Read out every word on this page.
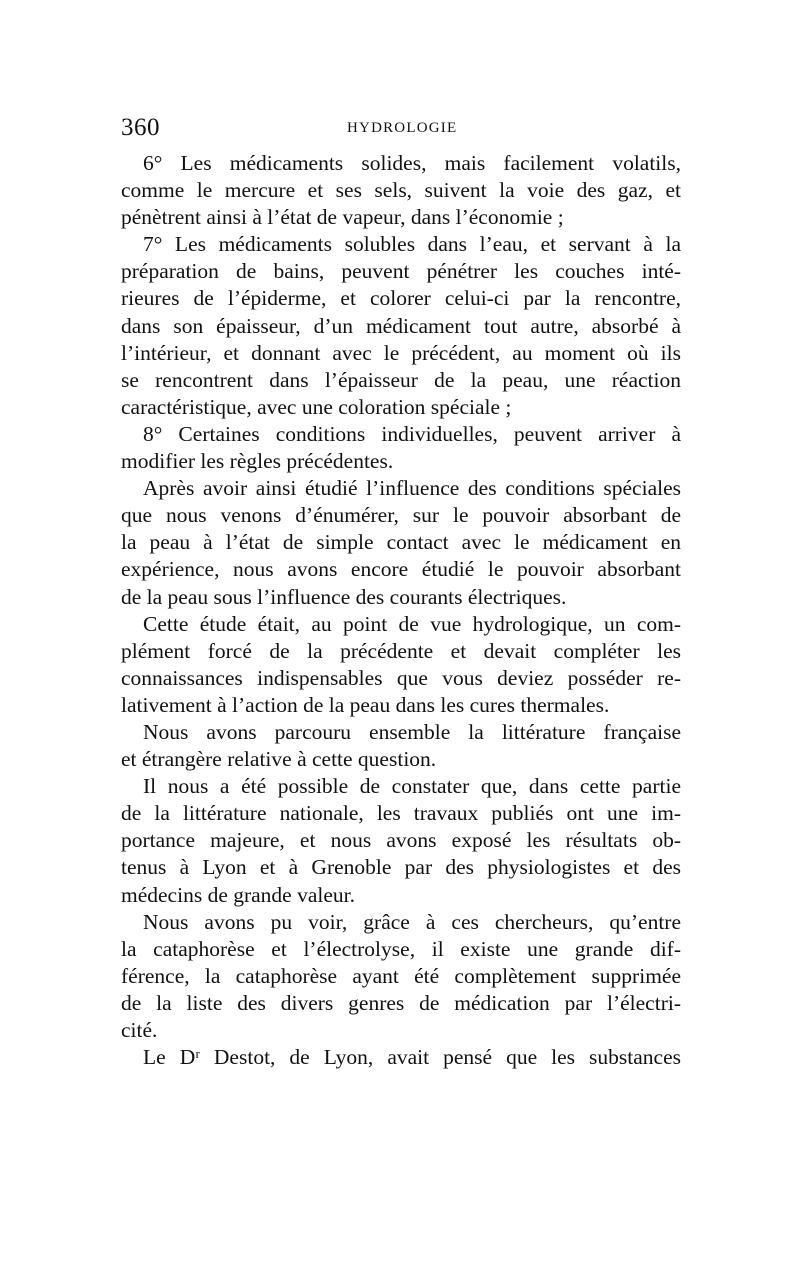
360	HYDROLOGIE
6° Les médicaments solides, mais facilement volatils,
comme le mercure et ses sels, suivent la voie des gaz, et
pénètrent ainsi à l’état de vapeur, dans l’économie ;
7° Les médicaments solubles dans l’eau, et servant à la
préparation de bains, peuvent pénétrer les couches inté-
rieures de l’épiderme, et colorer celui-ci par la rencontre,
dans son épaisseur, d’un médicament tout autre, absorbé à
l’intérieur, et donnant avec le précédent, au moment où ils
se rencontrent dans l’épaisseur de la peau, une réaction
caractéristique, avec une coloration spéciale ;
8° Certaines conditions individuelles, peuvent arriver à
modifier les règles précédentes.
Après avoir ainsi étudié l’influence des conditions spéciales
que nous venons d’énumérer, sur le pouvoir absorbant de
la peau à l’état de simple contact avec le médicament en
expérience, nous avons encore étudié le pouvoir absorbant
de la peau sous l’influence des courants électriques.
Cette étude était, au point de vue hydrologique, un com-
plément forcé de la précédente et devait compléter les
connaissances indispensables que vous deviez posséder re-
lativement à l’action de la peau dans les cures thermales.
Nous avons parcouru ensemble la littérature française
et étrangère relative à cette question.
Il nous a été possible de constater que, dans cette partie
de la littérature nationale, les travaux publiés ont une im-
portance majeure, et nous avons exposé les résultats ob-
tenus à Lyon et à Grenoble par des physiologistes et des
médecins de grande valeur.
Nous avons pu voir, grâce à ces chercheurs, qu’entre
la cataphorèse et l’électrolyse, il existe une grande dif-
férence, la cataphorèse ayant été complètement supprimée
de la liste des divers genres de médication par l’électri-
cité.
Le Dʳ Destot, de Lyon, avait pensé que les substances
